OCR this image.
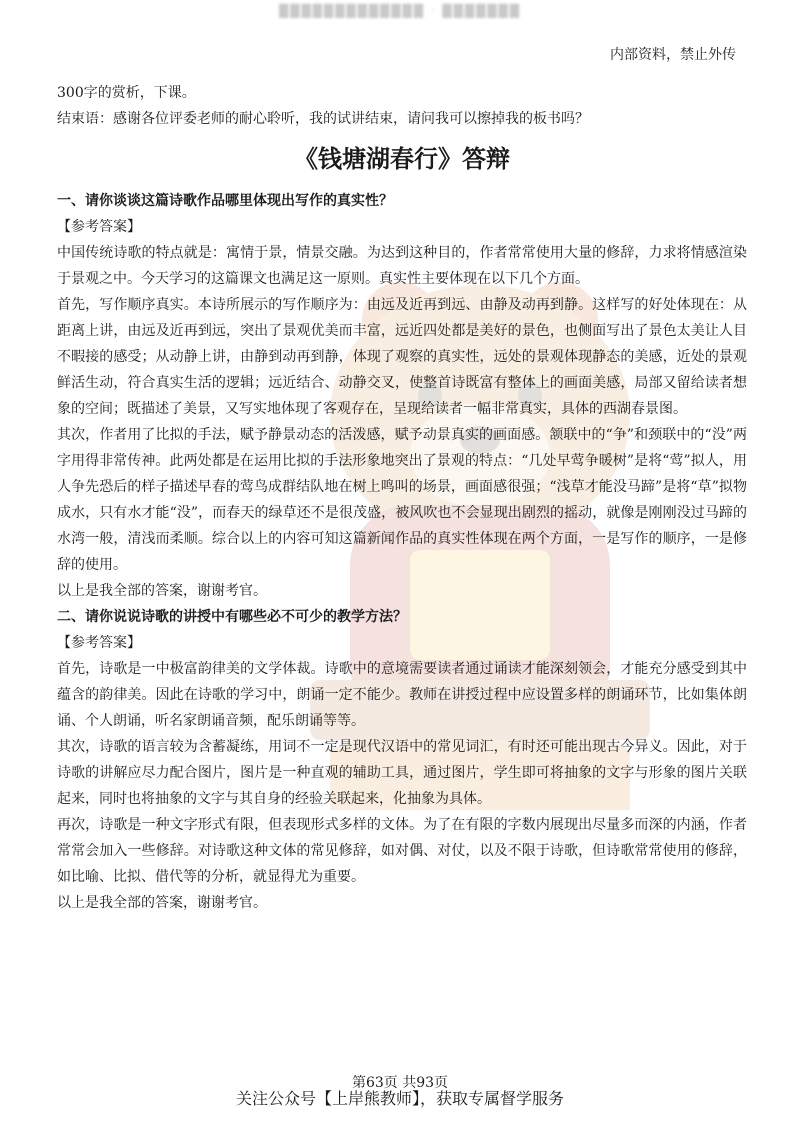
█████████████ · ███████
内部资料，禁止外传

300字的赏析，下课。

结束语：感谢各位评委老师的耐心聆听，我的试讲结束，请问我可以擦掉我的板书吗？

《钱塘湖春行》答辩

一、请你谈谈这篇诗歌作品哪里体现出写作的真实性？

【参考答案】

中国传统诗歌的特点就是：寓情于景，情景交融。为达到这种目的，作者常常使用大量的修辞，力求将情感渲染于景观之中。今天学习的这篇课文也满足这一原则。真实性主要体现在以下几个方面。

首先，写作顺序真实。本诗所展示的写作顺序为：由远及近再到远、由静及动再到静。这样写的好处体现在：从距离上讲，由远及近再到远，突出了景观优美而丰富，远近四处都是美好的景色，也侧面写出了景色太美让人目不暇接的感受；从动静上讲，由静到动再到静，体现了观察的真实性，远处的景观体现静态的美感，近处的景观鲜活生动，符合真实生活的逻辑；远近结合、动静交叉，使整首诗既富有整体上的画面美感，局部又留给读者想象的空间；既描述了美景，又写实地体现了客观存在，呈现给读者一幅非常真实，具体的西湖春景图。

其次，作者用了比拟的手法，赋予静景动态的活泼感，赋予动景真实的画面感。颔联中的“争”和颈联中的“没”两字用得非常传神。此两处都是在运用比拟的手法形象地突出了景观的特点：“几处早莺争暖树”是将“莺”拟人，用人争先恐后的样子描述早春的莺鸟成群结队地在树上鸣叫的场景，画面感很强；“浅草才能没马蹄”是将“草”拟物成水，只有水才能“没”，而春天的绿草还不是很茂盛，被风吹也不会显现出剧烈的摇动，就像是刚刚没过马蹄的水湾一般，清浅而柔顺。综合以上的内容可知这篇新闻作品的真实性体现在两个方面，一是写作的顺序，一是修辞的使用。

以上是我全部的答案，谢谢考官。

二、请你说说诗歌的讲授中有哪些必不可少的教学方法？

【参考答案】

首先，诗歌是一中极富韵律美的文学体裁。诗歌中的意境需要读者通过诵读才能深刻领会，才能充分感受到其中蕴含的韵律美。因此在诗歌的学习中，朗诵一定不能少。教师在讲授过程中应设置多样的朗诵环节，比如集体朗诵、个人朗诵，听名家朗诵音频，配乐朗诵等等。

其次，诗歌的语言较为含蓄凝练，用词不一定是现代汉语中的常见词汇，有时还可能出现古今异义。因此，对于诗歌的讲解应尽力配合图片，图片是一种直观的辅助工具，通过图片，学生即可将抽象的文字与形象的图片关联起来，同时也将抽象的文字与其自身的经验关联起来，化抽象为具体。

再次，诗歌是一种文字形式有限，但表现形式多样的文体。为了在有限的字数内展现出尽量多而深的内涵，作者常常会加入一些修辞。对诗歌这种文体的常见修辞，如对偶、对仗，以及不限于诗歌，但诗歌常常使用的修辞，如比喻、比拟、借代等的分析，就显得尤为重要。

以上是我全部的答案，谢谢考官。

第63页 共93页
关注公众号【上岸熊教师】，获取专属督学服务
